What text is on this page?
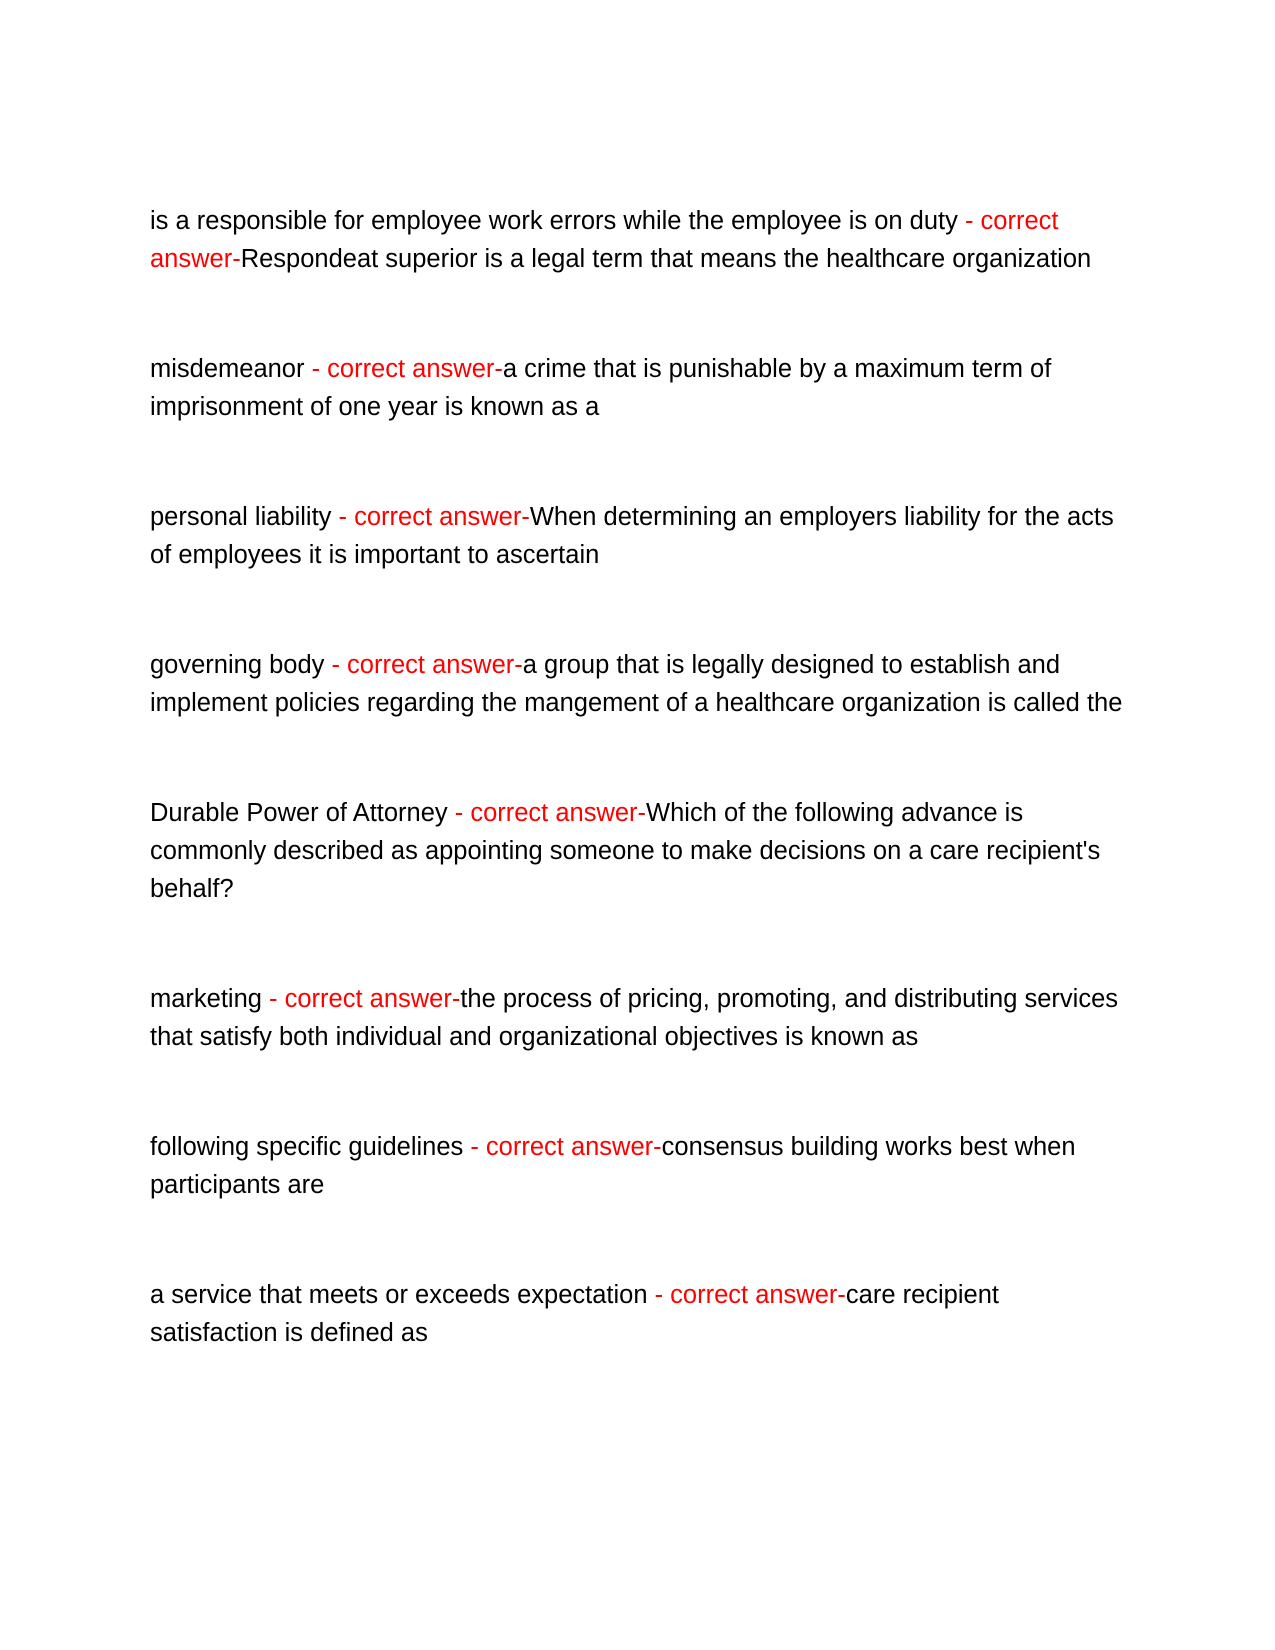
is a responsible for employee work errors while the employee is on duty - correct answer-Respondeat superior is a legal term that means the healthcare organization
misdemeanor - correct answer-a crime that is punishable by a maximum term of imprisonment of one year is known as a
personal liability - correct answer-When determining an employers liability for the acts of employees it is important to ascertain
governing body - correct answer-a group that is legally designed to establish and implement policies regarding the mangement of a healthcare organization is called the
Durable Power of Attorney - correct answer-Which of the following advance is commonly described as appointing someone to make decisions on a care recipient's behalf?
marketing - correct answer-the process of pricing, promoting, and distributing services that satisfy both individual and organizational objectives is known as
following specific guidelines - correct answer-consensus building works best when participants are
a service that meets or exceeds expectation - correct answer-care recipient satisfaction is defined as
